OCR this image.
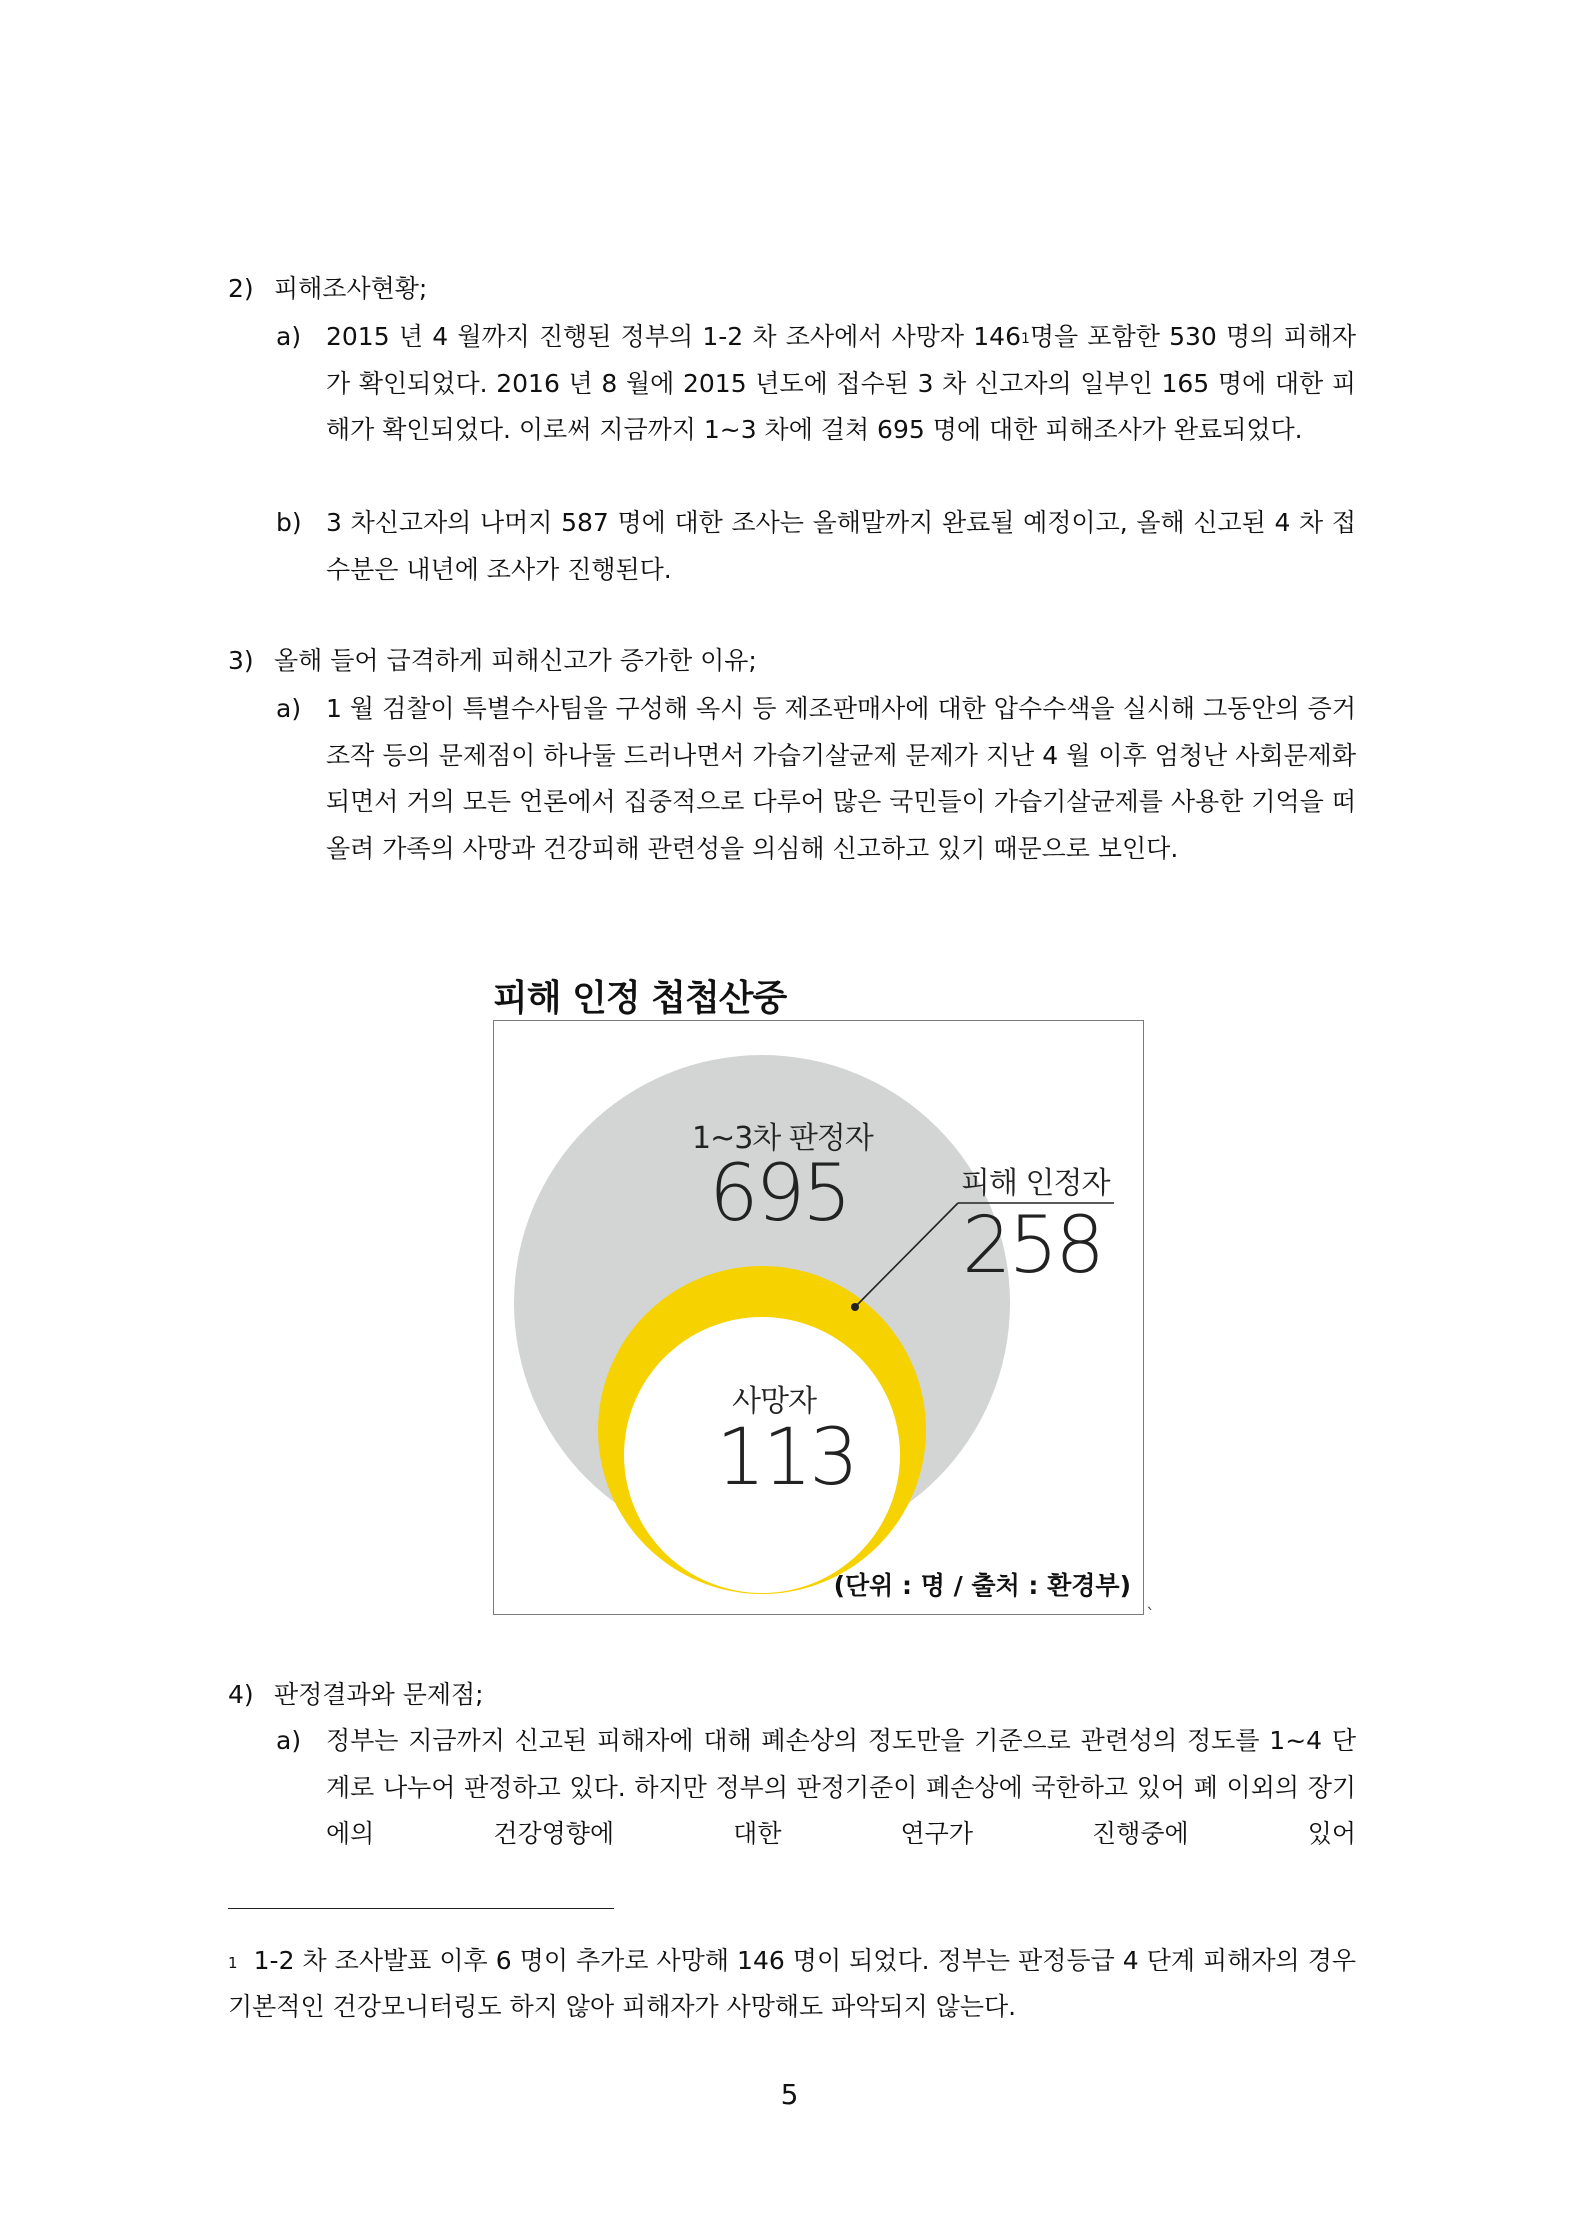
2) 피해조사현황;
a) 2015 년 4 월까지 진행된 정부의 1-2 차 조사에서 사망자 $146^1$명을 포함한 530 명의 피해자가 확인되었다. 2016 년 8 월에 2015 년도에 접수된 3 차 신고자의 일부인 165 명에 대한 피해가 확인되었다. 이로써 지금까지 1~3 차에 걸쳐 695 명에 대한 피해조사가 완료되었다.
b) 3 차신고자의 나머지 587 명에 대한 조사는 올해말까지 완료될 예정이고, 올해 신고된 4 차 접수분은 내년에 조사가 진행된다.
3) 올해 들어 급격하게 피해신고가 증가한 이유;
a) 1 월 검찰이 특별수사팀을 구성해 옥시 등 제조판매사에 대한 압수수색을 실시해 그동안의 증거조작 등의 문제점이 하나둘 드러나면서 가습기살균제 문제가 지난 4 월 이후 엄청난 사회문제화되면서 거의 모든 언론에서 집중적으로 다루어 많은 국민들이 가습기살균제를 사용한 기억을 떠올려 가족의 사망과 건강피해 관련성을 의심해 신고하고 있기 때문으로 보인다.
피해 인정 첩첩산중
1~3차 판정자
695	피해 인정자
258
사망자
113
(단위 : 명 / 출처 : 환경부)
`
4) 판정결과와 문제점;
a) 정부는 지금까지 신고된 피해자에 대해 폐손상의 정도만을 기준으로 관련성의 정도를 1~4 단계로 나누어 판정하고 있다. 하지만 정부의 판정기준이 폐손상에 국한하고 있어 폐 이외의 장기에의 건강영향에 대한 연구가 진행중에 있어
$^1$ 1-2 차 조사발표 이후 6 명이 추가로 사망해 146 명이 되었다. 정부는 판정등급 4 단계 피해자의 경우 기본적인 건강모니터링도 하지 않아 피해자가 사망해도 파악되지 않는다.
5
